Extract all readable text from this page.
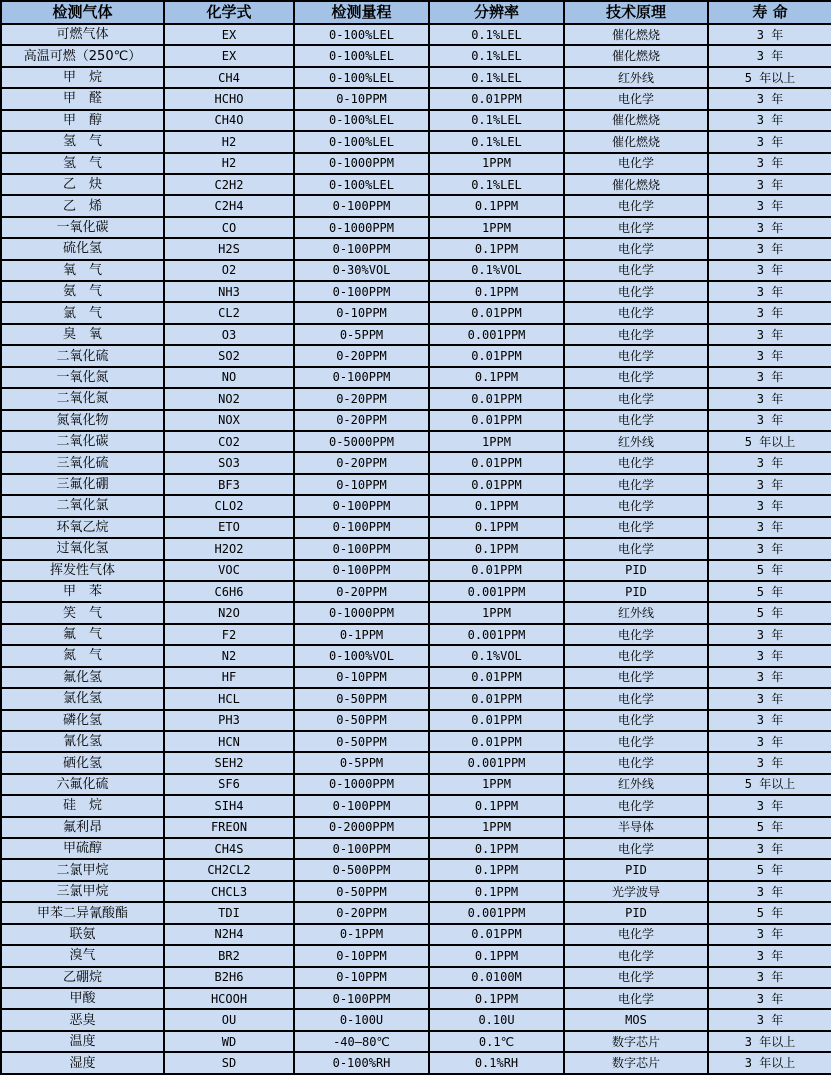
检测气体	化学式	检测量程	分辨率	技术原理	寿 命
可燃气体	EX	0-100%LEL	0.1%LEL	催化燃烧	3 年
高温可燃（250℃）	EX	0-100%LEL	0.1%LEL	催化燃烧	3 年
甲　烷	CH4	0-100%LEL	0.1%LEL	红外线	5 年以上
甲　醛	HCHO	0-10PPM	0.01PPM	电化学	3 年
甲　醇	CH4O	0-100%LEL	0.1%LEL	催化燃烧	3 年
氢　气	H2	0-100%LEL	0.1%LEL	催化燃烧	3 年
氢　气	H2	0-1000PPM	1PPM	电化学	3 年
乙　炔	C2H2	0-100%LEL	0.1%LEL	催化燃烧	3 年
乙　烯	C2H4	0-100PPM	0.1PPM	电化学	3 年
一氧化碳	CO	0-1000PPM	1PPM	电化学	3 年
硫化氢	H2S	0-100PPM	0.1PPM	电化学	3 年
氧　气	O2	0-30%VOL	0.1%VOL	电化学	3 年
氨　气	NH3	0-100PPM	0.1PPM	电化学	3 年
氯　气	CL2	0-10PPM	0.01PPM	电化学	3 年
臭　氧	O3	0-5PPM	0.001PPM	电化学	3 年
二氧化硫	SO2	0-20PPM	0.01PPM	电化学	3 年
一氧化氮	NO	0-100PPM	0.1PPM	电化学	3 年
二氧化氮	NO2	0-20PPM	0.01PPM	电化学	3 年
氮氧化物	NOX	0-20PPM	0.01PPM	电化学	3 年
二氧化碳	CO2	0-5000PPM	1PPM	红外线	5 年以上
三氧化硫	SO3	0-20PPM	0.01PPM	电化学	3 年
三氟化硼	BF3	0-10PPM	0.01PPM	电化学	3 年
二氧化氯	CLO2	0-100PPM	0.1PPM	电化学	3 年
环氧乙烷	ETO	0-100PPM	0.1PPM	电化学	3 年
过氧化氢	H2O2	0-100PPM	0.1PPM	电化学	3 年
挥发性气体	VOC	0-100PPM	0.01PPM	PID	5 年
甲　苯	C6H6	0-20PPM	0.001PPM	PID	5 年
笑　气	N2O	0-1000PPM	1PPM	红外线	5 年
氟　气	F2	0-1PPM	0.001PPM	电化学	3 年
氮　气	N2	0-100%VOL	0.1%VOL	电化学	3 年
氟化氢	HF	0-10PPM	0.01PPM	电化学	3 年
氯化氢	HCL	0-50PPM	0.01PPM	电化学	3 年
磷化氢	PH3	0-50PPM	0.01PPM	电化学	3 年
氰化氢	HCN	0-50PPM	0.01PPM	电化学	3 年
硒化氢	SEH2	0-5PPM	0.001PPM	电化学	3 年
六氟化硫	SF6	0-1000PPM	1PPM	红外线	5 年以上
硅　烷	SIH4	0-100PPM	0.1PPM	电化学	3 年
氟利昂	FREON	0-2000PPM	1PPM	半导体	5 年
甲硫醇	CH4S	0-100PPM	0.1PPM	电化学	3 年
二氯甲烷	CH2CL2	0-500PPM	0.1PPM	PID	5 年
三氯甲烷	CHCL3	0-50PPM	0.1PPM	光学波导	3 年
甲苯二异氰酸酯	TDI	0-20PPM	0.001PPM	PID	5 年
联氨	N2H4	0-1PPM	0.01PPM	电化学	3 年
溴气	BR2	0-10PPM	0.1PPM	电化学	3 年
乙硼烷	B2H6	0-10PPM	0.0100M	电化学	3 年
甲酸	HCOOH	0-100PPM	0.1PPM	电化学	3 年
恶臭	OU	0-100U	0.10U	MOS	3 年
温度	WD	-40—80℃	0.1℃	数字芯片	3 年以上
湿度	SD	0-100%RH	0.1%RH	数字芯片	3 年以上
